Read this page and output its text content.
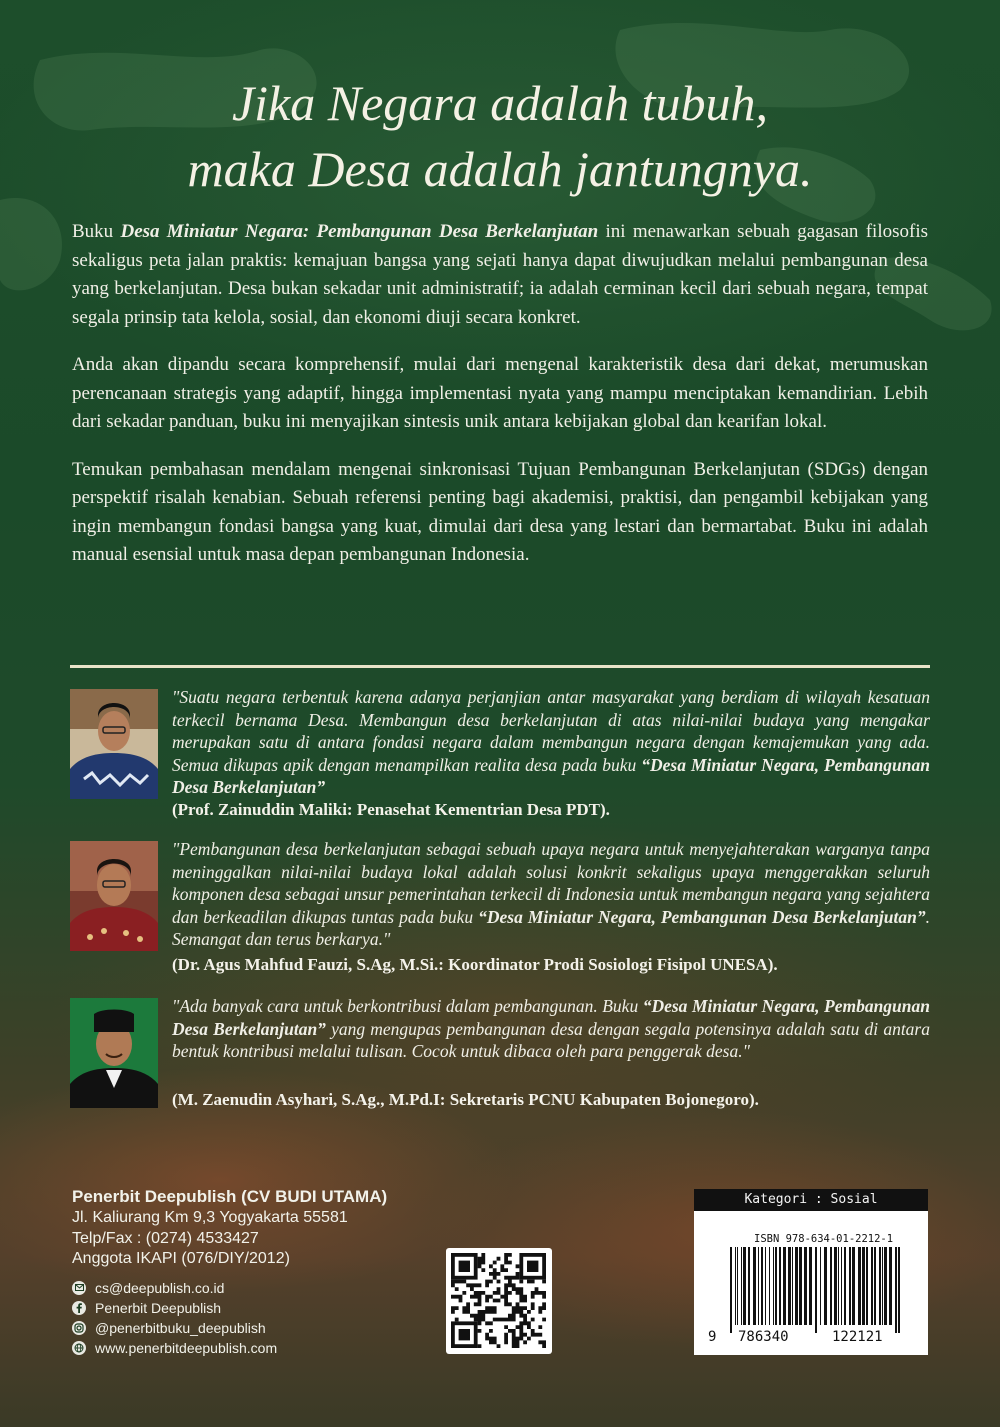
Jika Negara adalah tubuh,
maka Desa adalah jantungnya.

Buku Desa Miniatur Negara: Pembangunan Desa Berkelanjutan ini menawarkan sebuah gagasan filosofis sekaligus peta jalan praktis: kemajuan bangsa yang sejati hanya dapat diwujudkan melalui pembangunan desa yang berkelanjutan. Desa bukan sekadar unit administratif; ia adalah cerminan kecil dari sebuah negara, tempat segala prinsip tata kelola, sosial, dan ekonomi diuji secara konkret.

Anda akan dipandu secara komprehensif, mulai dari mengenal karakteristik desa dari dekat, merumuskan perencanaan strategis yang adaptif, hingga implementasi nyata yang mampu menciptakan kemandirian. Lebih dari sekadar panduan, buku ini menyajikan sintesis unik antara kebijakan global dan kearifan lokal.

Temukan pembahasan mendalam mengenai sinkronisasi Tujuan Pembangunan Berkelanjutan (SDGs) dengan perspektif risalah kenabian. Sebuah referensi penting bagi akademisi, praktisi, dan pengambil kebijakan yang ingin membangun fondasi bangsa yang kuat, dimulai dari desa yang lestari dan bermartabat. Buku ini adalah manual esensial untuk masa depan pembangunan Indonesia.

"Suatu negara terbentuk karena adanya perjanjian antar masyarakat yang berdiam di wilayah kesatuan terkecil bernama Desa. Membangun desa berkelanjutan di atas nilai-nilai budaya yang mengakar merupakan satu di antara fondasi negara dalam membangun negara dengan kemajemukan yang ada. Semua dikupas apik dengan menampilkan realita desa pada buku “Desa Miniatur Negara, Pembangunan Desa Berkelanjutan”
(Prof. Zainuddin Maliki: Penasehat Kementrian Desa PDT).
"Pembangunan desa berkelanjutan sebagai sebuah upaya negara untuk menyejahterakan warganya tanpa meninggalkan nilai-nilai budaya lokal adalah solusi konkrit sekaligus upaya menggerakkan seluruh komponen desa sebagai unsur pemerintahan terkecil di Indonesia untuk membangun negara yang sejahtera dan berkeadilan dikupas tuntas pada buku “Desa Miniatur Negara, Pembangunan Desa Berkelanjutan”. Semangat dan terus berkarya."
(Dr. Agus Mahfud Fauzi, S.Ag, M.Si.: Koordinator Prodi Sosiologi Fisipol UNESA).
"Ada banyak cara untuk berkontribusi dalam pembangunan. Buku “Desa Miniatur Negara, Pembangunan Desa Berkelanjutan” yang mengupas pembangunan desa dengan segala potensinya adalah satu di antara bentuk kontribusi melalui tulisan. Cocok untuk dibaca oleh para penggerak desa."
(M. Zaenudin Asyhari, S.Ag., M.Pd.I: Sekretaris PCNU Kabupaten Bojonegoro).
Penerbit Deepublish (CV BUDI UTAMA)
Jl. Kaliurang Km 9,3 Yogyakarta 55581
Telp/Fax : (0274) 4533427
Anggota IKAPI (076/DIY/2012)
cs@deepublish.co.id
Penerbit Deepublish
@penerbitbuku_deepublish
www.penerbitdeepublish.com
Kategori : Sosial
ISBN 978-634-01-2212-1
9 786340	122121
